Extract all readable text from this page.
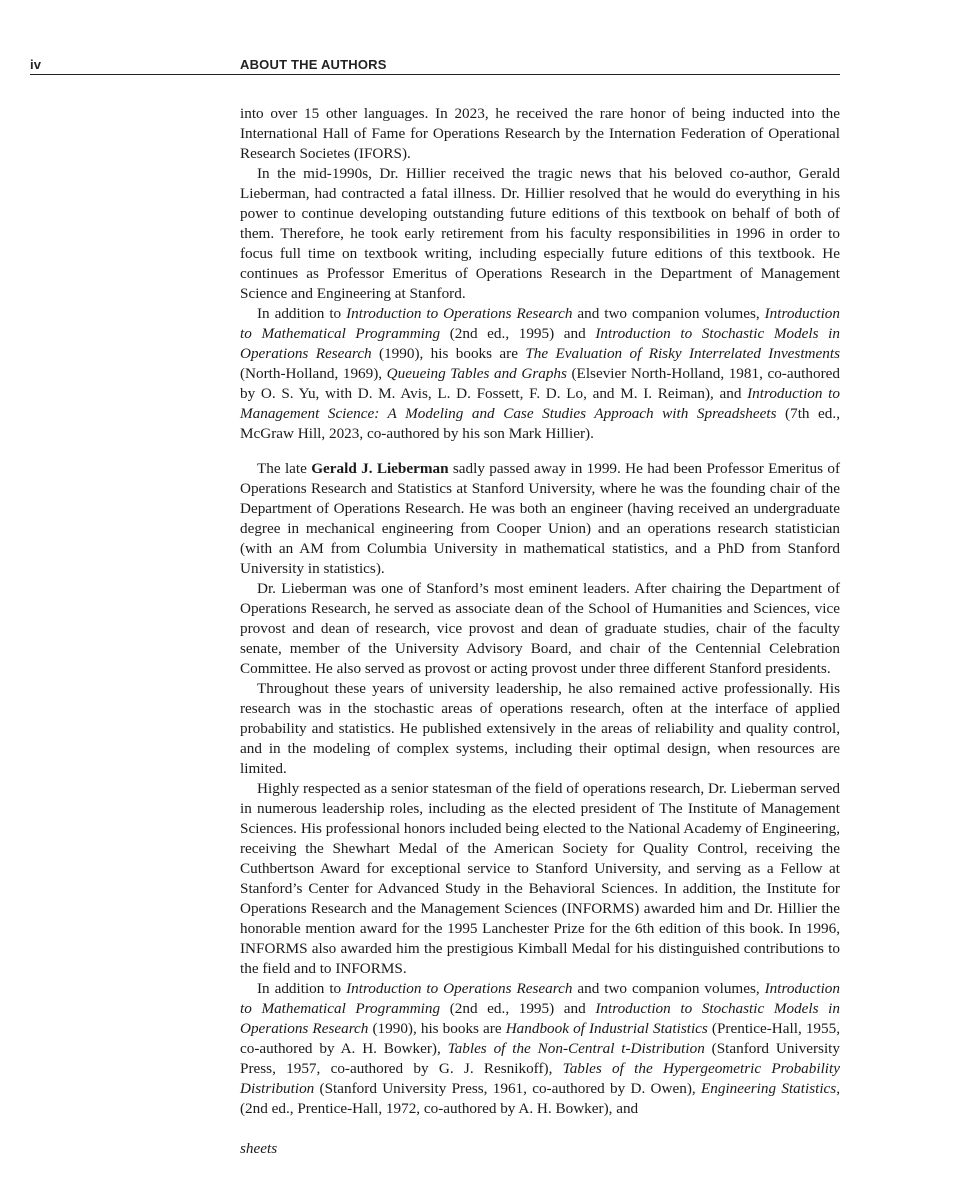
iv	ABOUT THE AUTHORS

into over 15 other languages. In 2023, he received the rare honor of being inducted into the International Hall of Fame for Operations Research by the Internation Federation of Operational Research Societes (IFORS).

In the mid-1990s, Dr. Hillier received the tragic news that his beloved co-author, Gerald Lieberman, had contracted a fatal illness. Dr. Hillier resolved that he would do everything in his power to continue developing outstanding future editions of this textbook on behalf of both of them. Therefore, he took early retirement from his faculty responsibilities in 1996 in order to focus full time on textbook writing, including especially future editions of this textbook. He continues as Professor Emeritus of Operations Research in the Department of Management Science and Engineering at Stanford.

In addition to Introduction to Operations Research and two companion volumes, Introduction to Mathematical Programming (2nd ed., 1995) and Introduction to Stochastic Models in Operations Research (1990), his books are The Evaluation of Risky Interrelated Investments (North-Holland, 1969), Queueing Tables and Graphs (Elsevier North-Holland, 1981, co-authored by O. S. Yu, with D. M. Avis, L. D. Fossett, F. D. Lo, and M. I. Reiman), and Introduction to Management Science: A Modeling and Case Studies Approach with Spreadsheets (7th ed., McGraw Hill, 2023, co-authored by his son Mark Hillier).

The late Gerald J. Lieberman sadly passed away in 1999. He had been Professor Emeritus of Operations Research and Statistics at Stanford University, where he was the founding chair of the Department of Operations Research. He was both an engineer (having received an undergraduate degree in mechanical engineering from Cooper Union) and an operations research statistician (with an AM from Columbia University in mathematical statistics, and a PhD from Stanford University in statistics).

Dr. Lieberman was one of Stanford’s most eminent leaders. After chairing the Department of Operations Research, he served as associate dean of the School of Humanities and Sciences, vice provost and dean of research, vice provost and dean of graduate studies, chair of the faculty senate, member of the University Advisory Board, and chair of the Centennial Celebration Committee. He also served as provost or acting provost under three different Stanford presidents.

Throughout these years of university leadership, he also remained active professionally. His research was in the stochastic areas of operations research, often at the interface of applied probability and statistics. He published extensively in the areas of reliability and quality control, and in the modeling of complex systems, including their optimal design, when resources are limited.

Highly respected as a senior statesman of the field of operations research, Dr. Lieberman served in numerous leadership roles, including as the elected president of The Institute of Management Sciences. His professional honors included being elected to the National Academy of Engineering, receiving the Shewhart Medal of the American Society for Quality Control, receiving the Cuthbertson Award for exceptional service to Stanford University, and serving as a Fellow at Stanford’s Center for Advanced Study in the Behavioral Sciences. In addition, the Institute for Operations Research and the Management Sciences (INFORMS) awarded him and Dr. Hillier the honorable mention award for the 1995 Lanchester Prize for the 6th edition of this book. In 1996, INFORMS also awarded him the prestigious Kimball Medal for his distinguished contributions to the field and to INFORMS.

In addition to Introduction to Operations Research and two companion volumes, Introduction to Mathematical Programming (2nd ed., 1995) and Introduction to Stochastic Models in Operations Research (1990), his books are Handbook of Industrial Statistics (Prentice-Hall, 1955, co-authored by A. H. Bowker), Tables of the Non-Central t-Distribution (Stanford University Press, 1957, co-authored by G. J. Resnikoff), Tables of the Hypergeometric Probability Distribution (Stanford University Press, 1961, co-authored by D. Owen), Engineering Statistics, (2nd ed., Prentice-Hall, 1972, co-authored by A. H. Bowker), and

sheets
